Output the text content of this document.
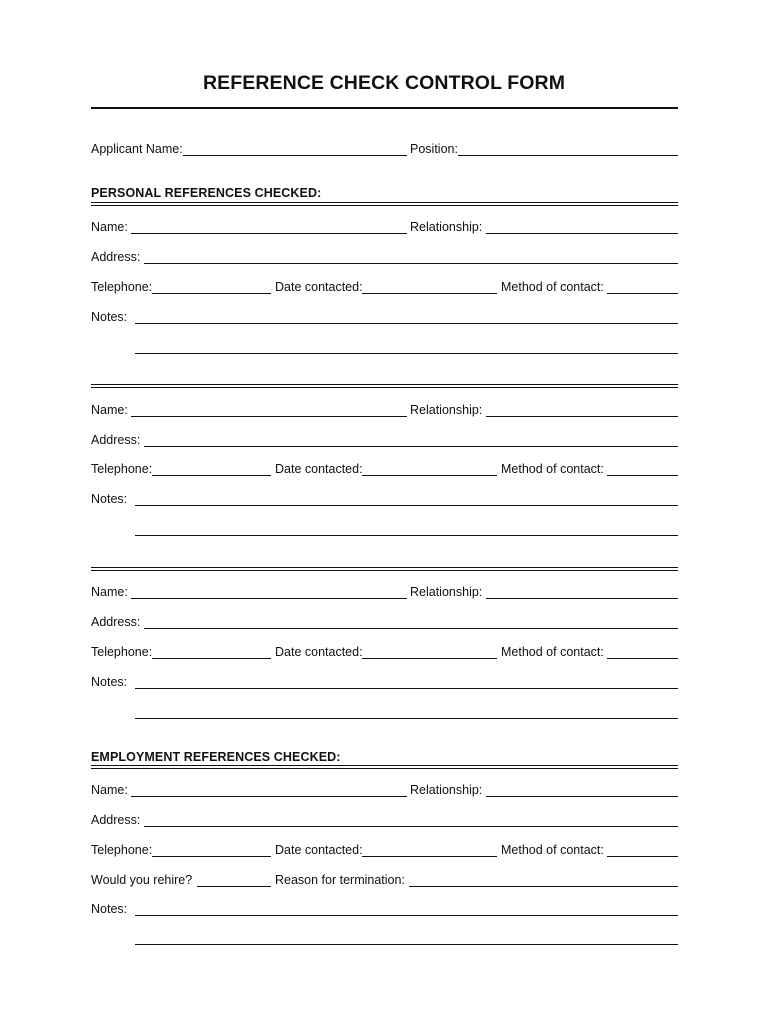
REFERENCE CHECK CONTROL FORM
Applicant Name:	Position:
PERSONAL REFERENCES CHECKED:
Name:	Relationship:
Address:
Telephone:	Date contacted:	Method of contact:
Notes:
Name:	Relationship:
Address:
Telephone:	Date contacted:	Method of contact:
Notes:
Name:	Relationship:
Address:
Telephone:	Date contacted:	Method of contact:
Notes:
EMPLOYMENT REFERENCES CHECKED:
Name:	Relationship:
Address:
Telephone:	Date contacted:	Method of contact:
Would you rehire?	Reason for termination:
Notes:
